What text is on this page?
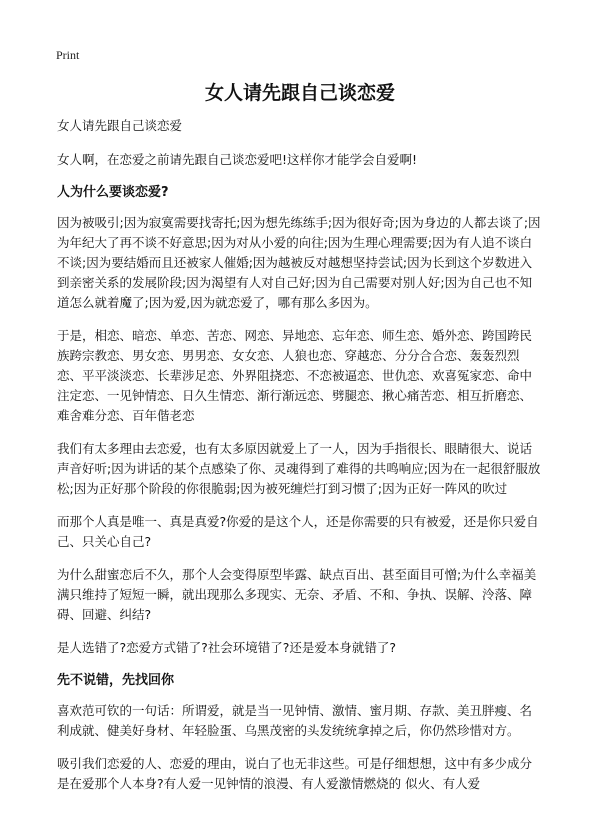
Print
女人请先跟自己谈恋爱

女人请先跟自己谈恋爱

女人啊，在恋爱之前请先跟自己谈恋爱吧!这样你才能学会自爱啊!

人为什么要谈恋爱?

因为被吸引;因为寂寞需要找寄托;因为想先练练手;因为很好奇;因为身边的人都去谈了;因为年纪大了再不谈不好意思;因为对从小爱的向往;因为生理心理需要;因为有人追不谈白不谈;因为要结婚而且还被家人催婚;因为越被反对越想坚持尝试;因为长到这个岁数进入到亲密关系的发展阶段;因为渴望有人对自己好;因为自己需要对别人好;因为自己也不知道怎么就着魔了;因为爱,因为就恋爱了，哪有那么多因为。

于是，相恋、暗恋、单恋、苦恋、网恋、异地恋、忘年恋、师生恋、婚外恋、跨国跨民族跨宗教恋、男女恋、男男恋、女女恋、人狼也恋、穿越恋、分分合合恋、轰轰烈烈恋、平平淡淡恋、长辈涉足恋、外界阻挠恋、不恋被逼恋、世仇恋、欢喜冤家恋、命中注定恋、一见钟情恋、日久生情恋、渐行渐远恋、劈腿恋、揪心痛苦恋、相互折磨恋、难舍难分恋、百年偕老恋

我们有太多理由去恋爱，也有太多原因就爱上了一人，因为手指很长、眼睛很大、说话声音好听;因为讲话的某个点感染了你、灵魂得到了难得的共鸣响应;因为在一起很舒服放松;因为正好那个阶段的你很脆弱;因为被死缠烂打到习惯了;因为正好一阵风的吹过

而那个人真是唯一、真是真爱?你爱的是这个人，还是你需要的只有被爱，还是你只爱自己、只关心自己?

为什么甜蜜恋后不久，那个人会变得原型毕露、缺点百出、甚至面目可憎;为什么幸福美满只维持了短短一瞬，就出现那么多现实、无奈、矛盾、不和、争执、误解、泠落、障碍、回避、纠结?

是人选错了?恋爱方式错了?社会环境错了?还是爱本身就错了?

先不说错，先找回你

喜欢范可钦的一句话：所谓爱，就是当一见钟情、激情、蜜月期、存款、美丑胖瘦、名利成就、健美好身材、年轻脸蛋、乌黑茂密的头发统统拿掉之后，你仍然珍惜对方。

吸引我们恋爱的人、恋爱的理由，说白了也无非这些。可是仔细想想，这中有多少成分是在爱那个人本身?有人爱一见钟情的浪漫、有人爱激情燃烧的 似火、有人爱
